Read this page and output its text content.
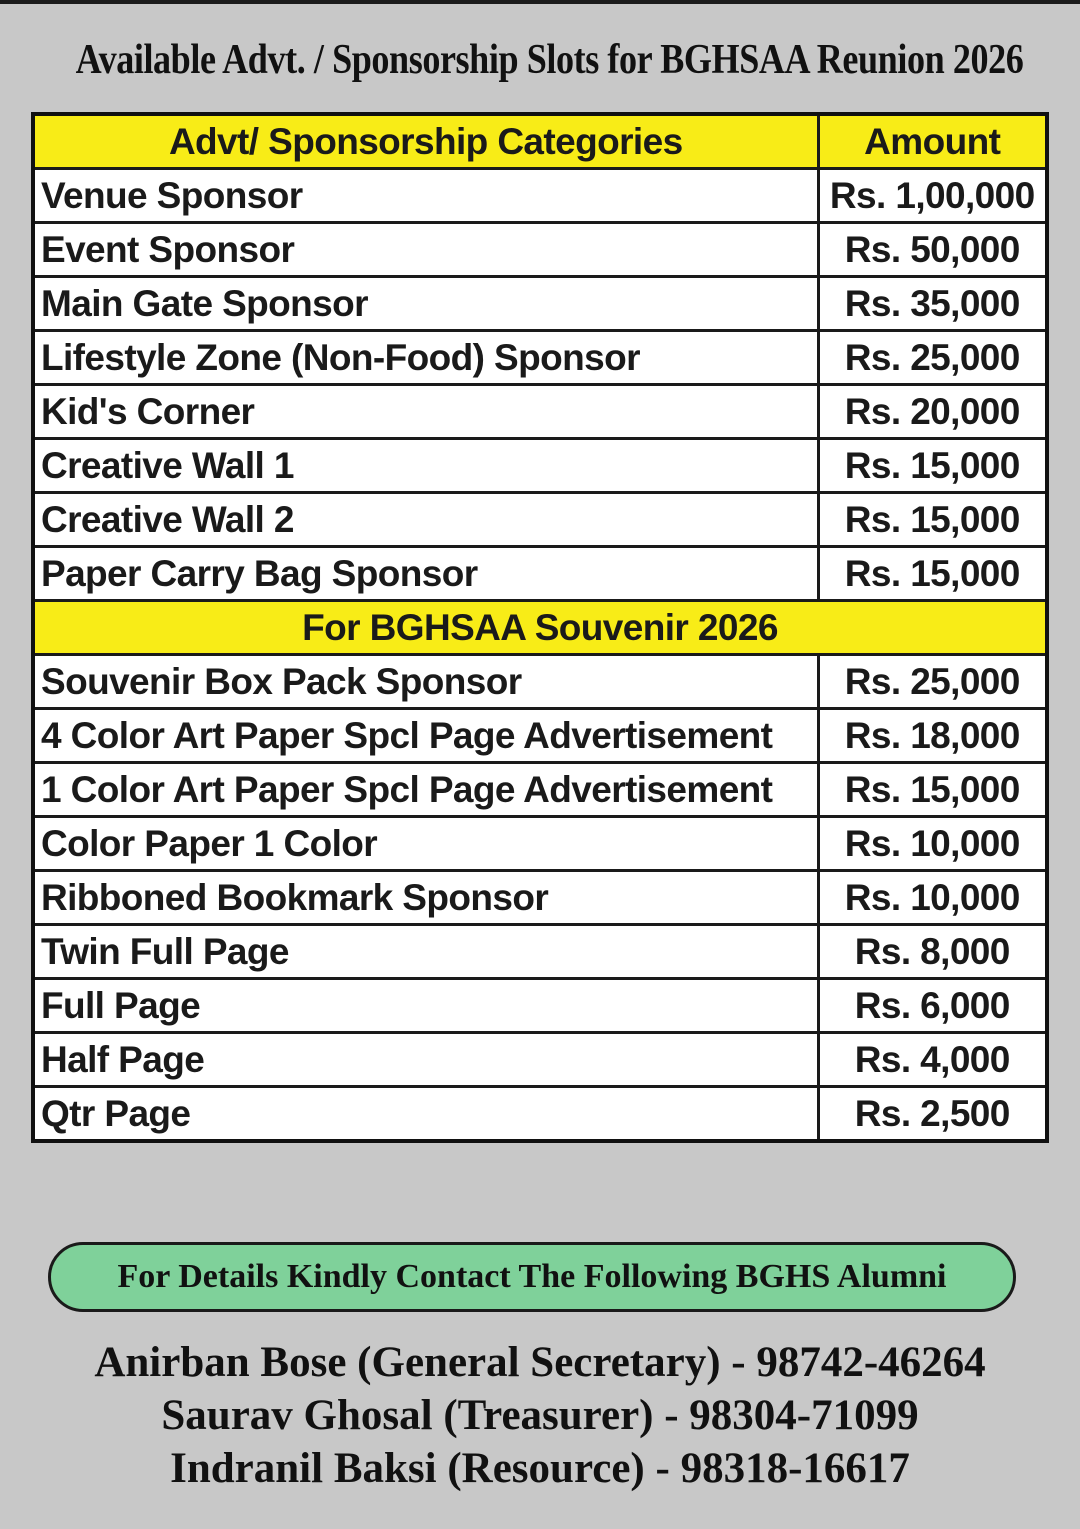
Available Advt. / Sponsorship Slots for BGHSAA Reunion 2026
Advt/ Sponsorship Categories	Amount
Venue Sponsor	Rs. 1,00,000
Event Sponsor	Rs. 50,000
Main Gate Sponsor	Rs. 35,000
Lifestyle Zone (Non-Food) Sponsor	Rs. 25,000
Kid's Corner	Rs. 20,000
Creative Wall 1	Rs. 15,000
Creative Wall 2	Rs. 15,000
Paper Carry Bag Sponsor	Rs. 15,000
For BGHSAA Souvenir 2026	
Souvenir Box Pack Sponsor	Rs. 25,000
4 Color Art Paper Spcl Page Advertisement	Rs. 18,000
1 Color Art Paper Spcl Page Advertisement	Rs. 15,000
Color Paper 1 Color	Rs. 10,000
Ribboned Bookmark Sponsor	Rs. 10,000
Twin Full Page	Rs. 8,000
Full Page	Rs. 6,000
Half Page	Rs. 4,000
Qtr Page	Rs. 2,500
For Details Kindly Contact The Following BGHS Alumni
Anirban Bose (General Secretary) - 98742-46264
Saurav Ghosal (Treasurer) - 98304-71099
Indranil Baksi (Resource) - 98318-16617
